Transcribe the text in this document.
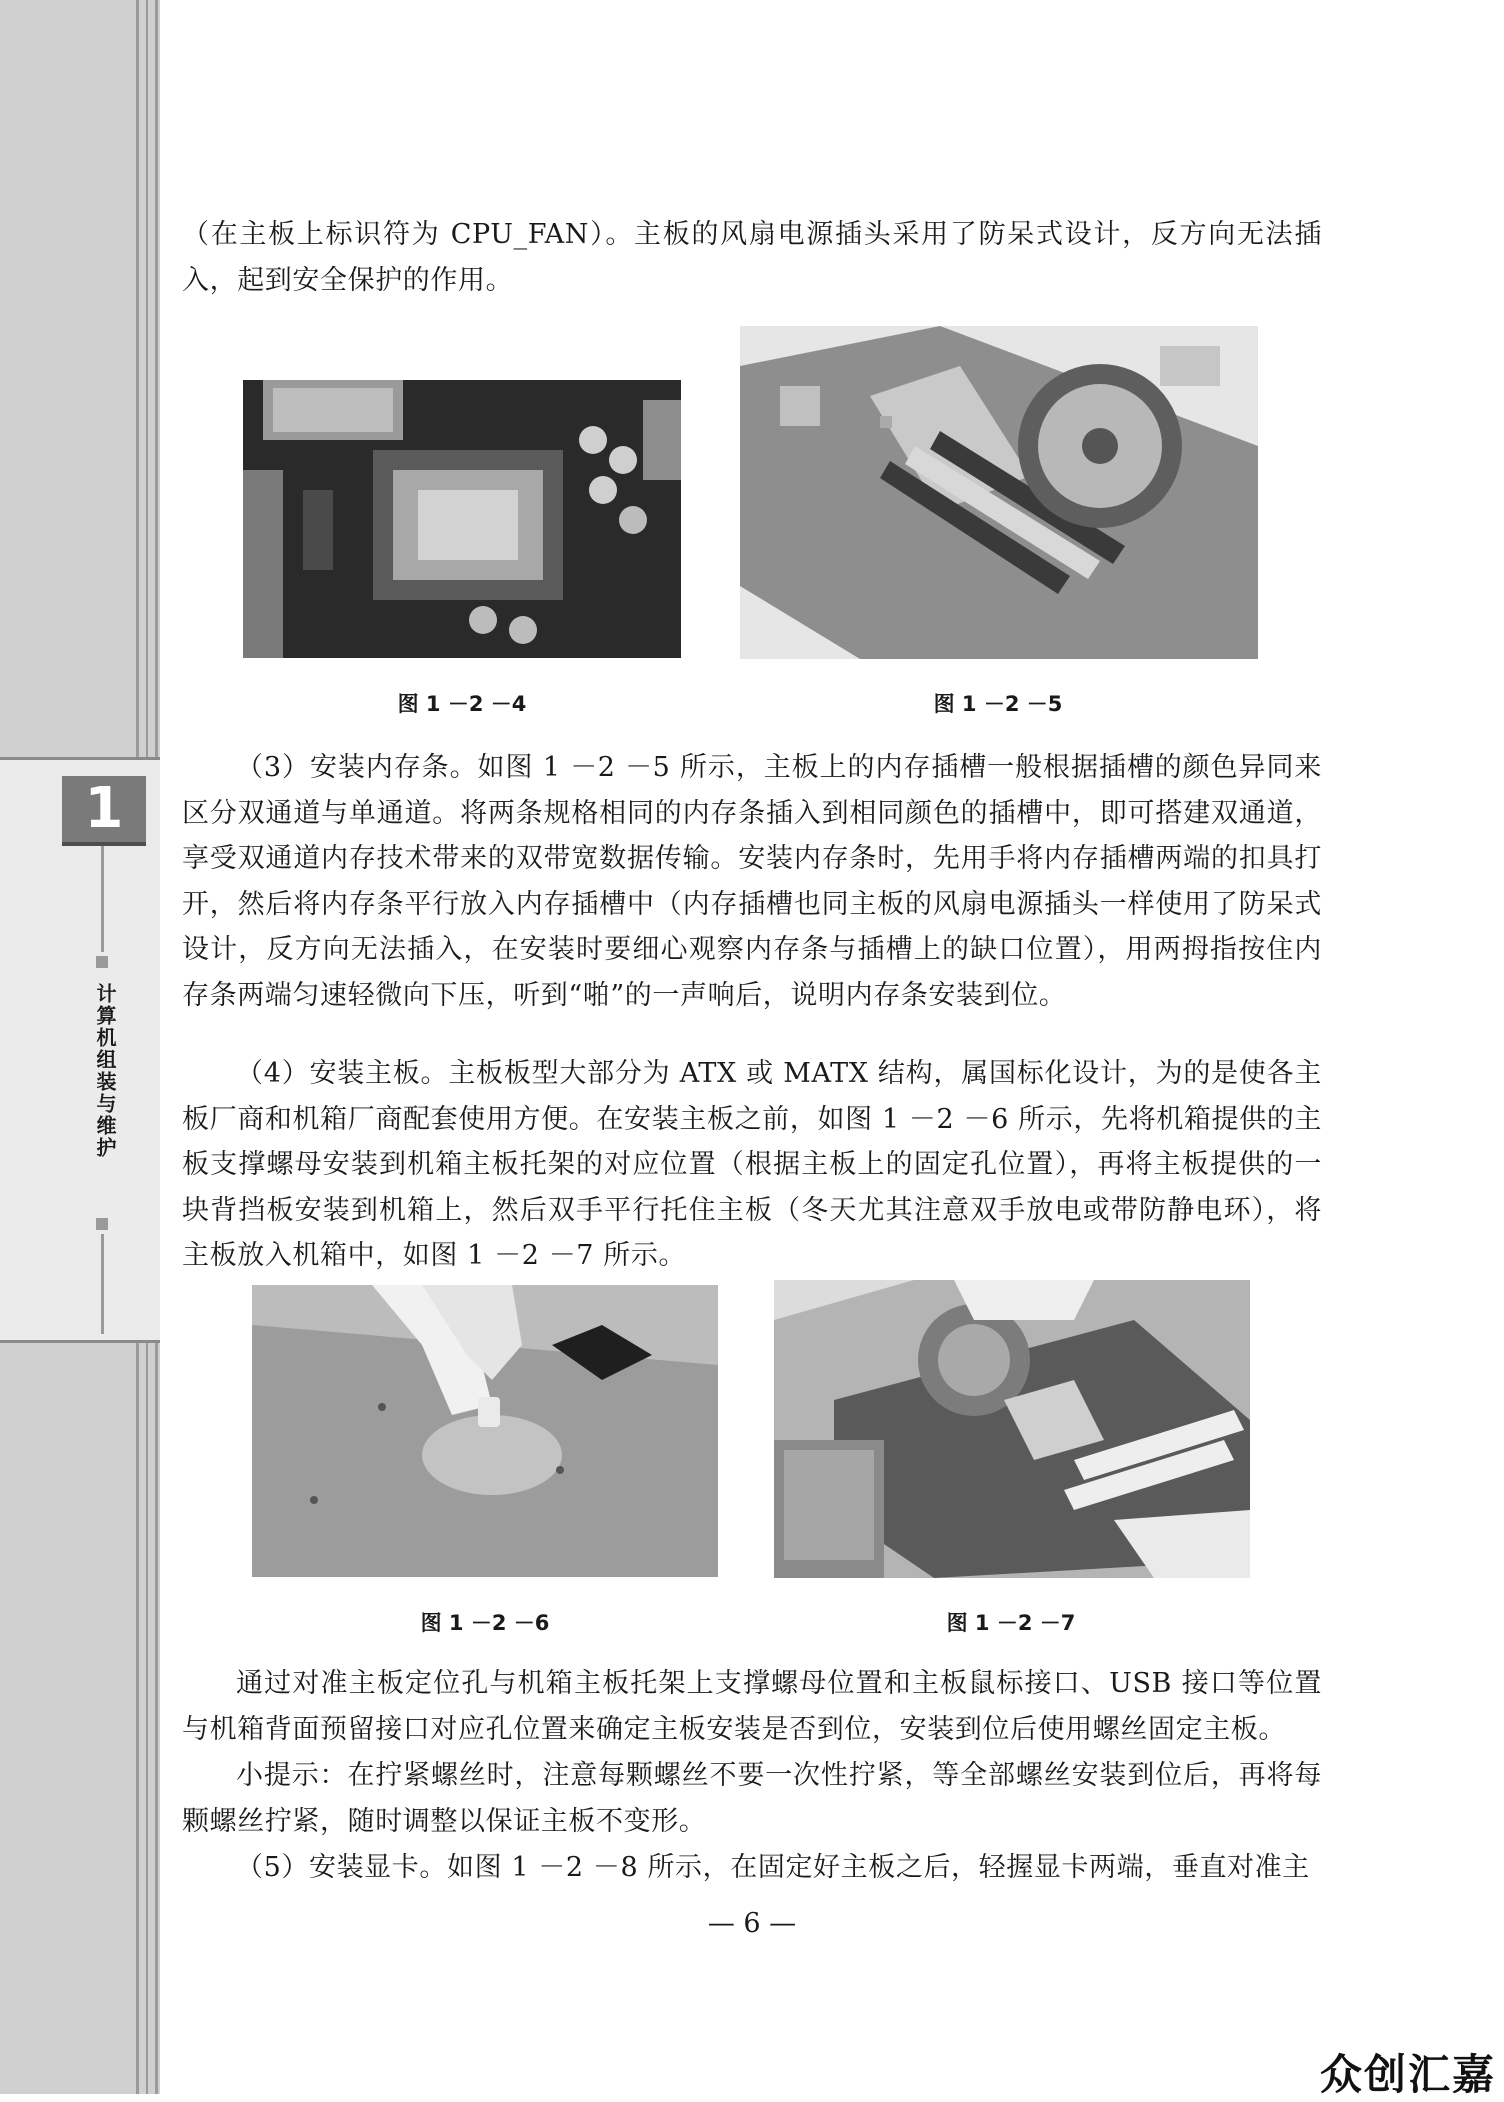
1
计算机组装与维护

（在主板上标识符为 CPU_FAN）。主板的风扇电源插头采用了防呆式设计，反方向无法插入，起到安全保护的作用。

图 1 －2 －4	图 1 －2 －5

（3）安装内存条。如图 1 －2 －5 所示，主板上的内存插槽一般根据插槽的颜色异同来区分双通道与单通道。将两条规格相同的内存条插入到相同颜色的插槽中，即可搭建双通道，享受双通道内存技术带来的双带宽数据传输。安装内存条时，先用手将内存插槽两端的扣具打开，然后将内存条平行放入内存插槽中（内存插槽也同主板的风扇电源插头一样使用了防呆式设计，反方向无法插入，在安装时要细心观察内存条与插槽上的缺口位置），用两拇指按住内存条两端匀速轻微向下压，听到“啪”的一声响后，说明内存条安装到位。

（4）安装主板。主板板型大部分为 ATX 或 MATX 结构，属国标化设计，为的是使各主板厂商和机箱厂商配套使用方便。在安装主板之前，如图 1 －2 －6 所示，先将机箱提供的主板支撑螺母安装到机箱主板托架的对应位置（根据主板上的固定孔位置），再将主板提供的一块背挡板安装到机箱上，然后双手平行托住主板（冬天尤其注意双手放电或带防静电环），将主板放入机箱中，如图 1 －2 －7 所示。

图 1 －2 －6	图 1 －2 －7

通过对准主板定位孔与机箱主板托架上支撑螺母位置和主板鼠标接口、USB 接口等位置与机箱背面预留接口对应孔位置来确定主板安装是否到位，安装到位后使用螺丝固定主板。

小提示：在拧紧螺丝时，注意每颗螺丝不要一次性拧紧，等全部螺丝安装到位后，再将每颗螺丝拧紧，随时调整以保证主板不变形。

（5）安装显卡。如图 1 －2 －8 所示，在固定好主板之后，轻握显卡两端，垂直对准主

— 6 —
众创汇嘉
